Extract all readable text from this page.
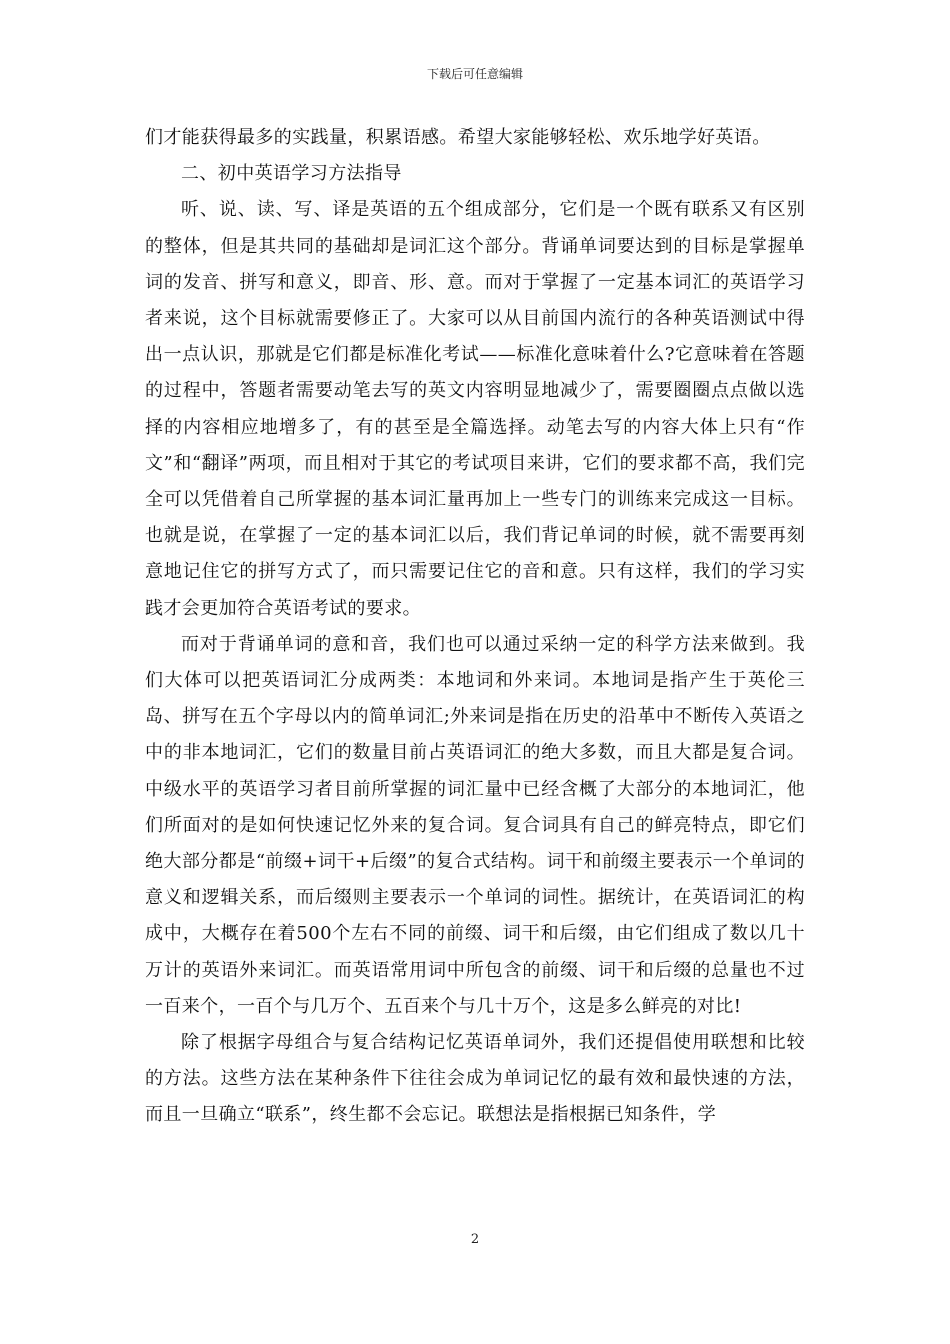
下载后可任意编辑

们才能获得最多的实践量，积累语感。希望大家能够轻松、欢乐地学好英语。

二、初中英语学习方法指导

听、说、读、写、译是英语的五个组成部分，它们是一个既有联系又有区别的整体，但是其共同的基础却是词汇这个部分。背诵单词要达到的目标是掌握单词的发音、拼写和意义，即音、形、意。而对于掌握了一定基本词汇的英语学习者来说，这个目标就需要修正了。大家可以从目前国内流行的各种英语测试中得出一点认识，那就是它们都是标准化考试——标准化意味着什么?它意味着在答题的过程中，答题者需要动笔去写的英文内容明显地减少了，需要圈圈点点做以选择的内容相应地增多了，有的甚至是全篇选择。动笔去写的内容大体上只有“作文”和“翻译”两项，而且相对于其它的考试项目来讲，它们的要求都不高，我们完全可以凭借着自己所掌握的基本词汇量再加上一些专门的训练来完成这一目标。也就是说，在掌握了一定的基本词汇以后，我们背记单词的时候，就不需要再刻意地记住它的拼写方式了，而只需要记住它的音和意。只有这样，我们的学习实践才会更加符合英语考试的要求。

而对于背诵单词的意和音，我们也可以通过采纳一定的科学方法来做到。我们大体可以把英语词汇分成两类：本地词和外来词。本地词是指产生于英伦三岛、拼写在五个字母以内的简单词汇;外来词是指在历史的沿革中不断传入英语之中的非本地词汇，它们的数量目前占英语词汇的绝大多数，而且大都是复合词。中级水平的英语学习者目前所掌握的词汇量中已经含概了大部分的本地词汇，他们所面对的是如何快速记忆外来的复合词。复合词具有自己的鲜亮特点，即它们绝大部分都是“前缀+词干+后缀”的复合式结构。词干和前缀主要表示一个单词的意义和逻辑关系，而后缀则主要表示一个单词的词性。据统计，在英语词汇的构成中，大概存在着500个左右不同的前缀、词干和后缀，由它们组成了数以几十万计的英语外来词汇。而英语常用词中所包含的前缀、词干和后缀的总量也不过一百来个，一百个与几万个、五百来个与几十万个，这是多么鲜亮的对比!

除了根据字母组合与复合结构记忆英语单词外，我们还提倡使用联想和比较的方法。这些方法在某种条件下往往会成为单词记忆的最有效和最快速的方法，而且一旦确立“联系”，终生都不会忘记。联想法是指根据已知条件，学

2
